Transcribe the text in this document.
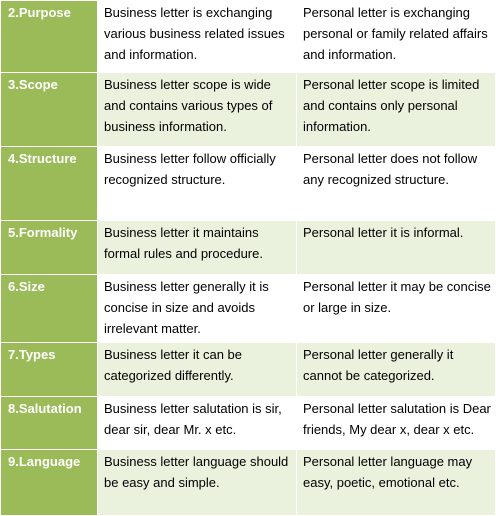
2.Purpose	Business letter is exchanging various business related issues and information.	Personal letter is exchanging personal or family related affairs and information.
3.Scope	Business letter scope is wide and contains various types of business information.	Personal letter scope is limited and contains only personal information.
4.Structure	Business letter follow officially recognized structure.	Personal letter does not follow any recognized structure.
5.Formality	Business letter it maintains formal rules and procedure.	Personal letter it is informal.
6.Size	Business letter generally it is concise in size and avoids irrelevant matter.	Personal letter it may be concise or large in size.
7.Types	Business letter it can be categorized differently.	Personal letter generally it cannot be categorized.
8.Salutation	Business letter salutation is sir, dear sir, dear Mr. x etc.	Personal letter salutation is Dear friends, My dear x, dear x etc.
9.Language	Business letter language should be easy and simple.	Personal letter language may easy, poetic, emotional etc.
